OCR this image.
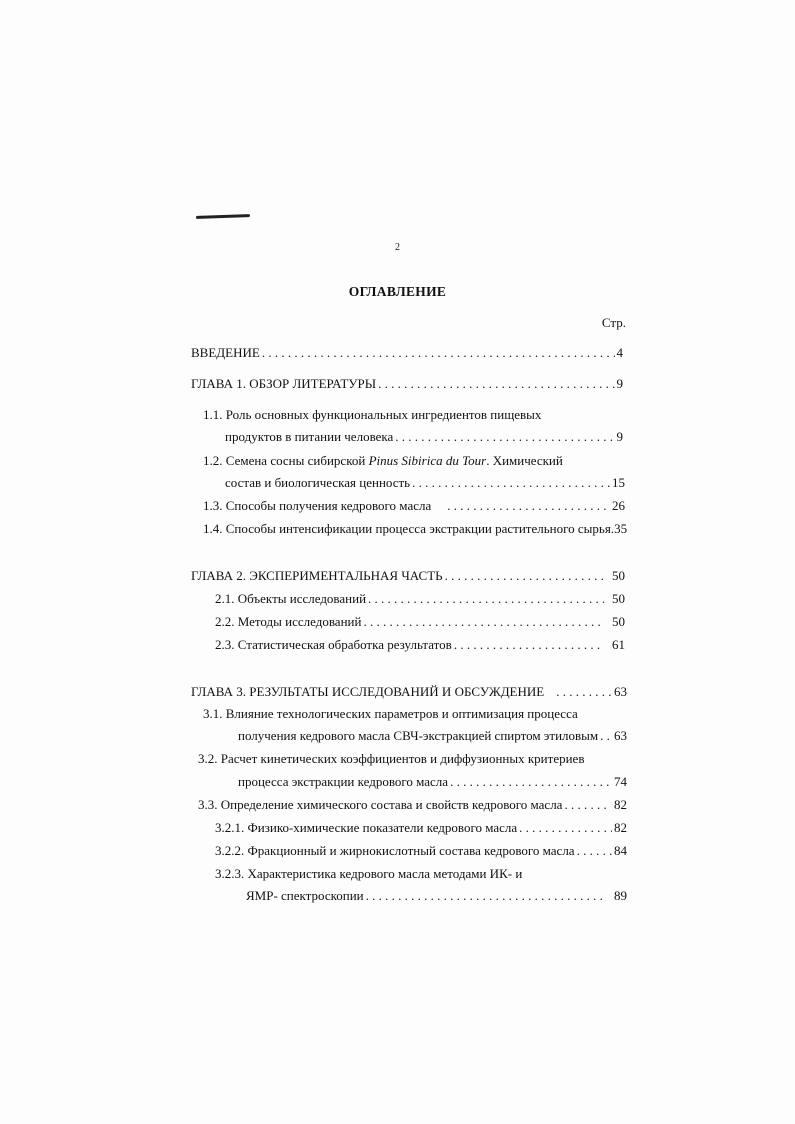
2
ОГЛАВЛЕНИЕ
Стр.
ВВЕДЕНИЕ . . .	4
ГЛАВА 1. ОБЗОР ЛИТЕРАТУРЫ . . .	9
1.1. Роль основных функциональных ингредиентов пищевых
продуктов в питании человека . . .	9
1.2. Семена сосны сибирской Pinus Sibirica du Tour. Химический
состав и биологическая ценность . . .	15
1.3. Способы получения кедрового масла . . .	26
1.4. Способы интенсификации процесса экстракции растительного сырья.35
ГЛАВА 2. ЭКСПЕРИМЕНТАЛЬНАЯ ЧАСТЬ . . .	50
2.1. Объекты исследований . . .	50
2.2. Методы исследований . . .	50
2.3. Статистическая обработка результатов . . .	61
ГЛАВА 3. РЕЗУЛЬТАТЫ ИССЛЕДОВАНИЙ И ОБСУЖДЕНИЕ . . .	63
3.1. Влияние технологических параметров и оптимизация процесса
получения кедрового масла СВЧ-экстракцией спиртом этиловым . . . 63
3.2. Расчет кинетических коэффициентов и диффузионных критериев
процесса экстракции кедрового масла . . .	74
3.3. Определение химического состава и свойств кедрового масла . . .	82
3.2.1. Физико-химические показатели кедрового масла . . .	82
3.2.2. Фракционный и жирнокислотный состава кедрового масла . . .	84
3.2.3. Характеристика кедрового масла методами ИК- и
ЯМР- спектроскопии . . .	89
